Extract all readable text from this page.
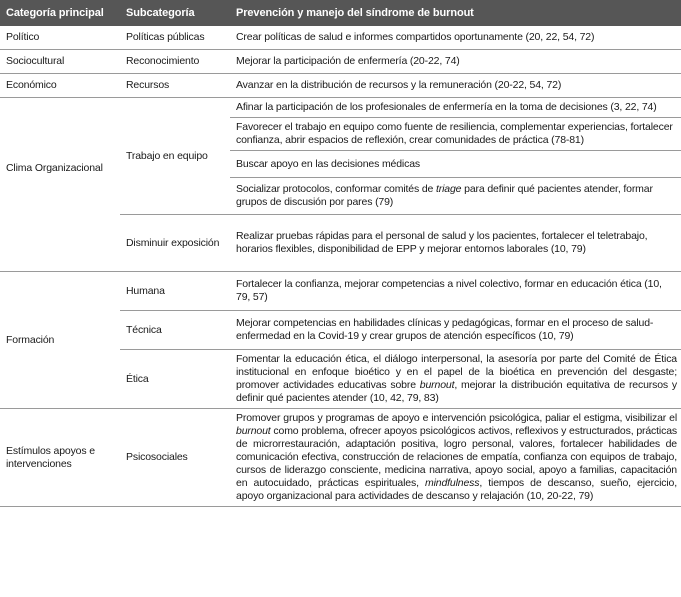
Categoría principal	Subcategoría	Prevención y manejo del síndrome de burnout
Político	Políticas públicas	Crear políticas de salud e informes compartidos oportunamente (20, 22, 54, 72)
Sociocultural	Reconocimiento	Mejorar la participación de enfermería (20-22, 74)
Económico	Recursos	Avanzar en la distribución de recursos y la remuneración (20-22, 54, 72)
Clima Organizacional	Trabajo en equipo	Afinar la participación de los profesionales de enfermería en la toma de decisiones (3, 22, 74)
		Favorecer el trabajo en equipo como fuente de resiliencia, complementar experiencias, fortalecer confianza, abrir espacios de reflexión, crear comunidades de práctica (78-81)
		Buscar apoyo en las decisiones médicas
		Socializar protocolos, conformar comités de triage para definir qué pacientes atender, formar grupos de discusión por pares (79)
	Disminuir exposición	Realizar pruebas rápidas para el personal de salud y los pacientes, fortalecer el teletrabajo, horarios flexibles, disponibilidad de EPP y mejorar entornos laborales (10, 79)
Formación	Humana	Fortalecer la confianza, mejorar competencias a nivel colectivo, formar en educación ética (10, 79, 57)
	Técnica	Mejorar competencias en habilidades clínicas y pedagógicas, formar en el proceso de salud-enfermedad en la Covid-19 y crear grupos de atención específicos (10, 79)
	Ética	Fomentar la educación ética, el diálogo interpersonal, la asesoría por parte del Comité de Ética institucional en enfoque bioético y en el papel de la bioética en prevención del desgaste; promover actividades educativas sobre burnout, mejorar la distribución equitativa de recursos y definir qué pacientes atender (10, 42, 79, 83)
Estímulos apoyos e intervenciones	Psicosociales	Promover grupos y programas de apoyo e intervención psicológica, paliar el estigma, visibilizar el burnout como problema, ofrecer apoyos psicológicos activos, reflexivos y estructurados, prácticas de microrrestauración, adaptación positiva, logro personal, valores, fortalecer habilidades de comunicación efectiva, construcción de relaciones de empatía, confianza con equipos de trabajo, cursos de liderazgo consciente, medicina narrativa, apoyo social, apoyo a familias, capacitación en autocuidado, prácticas espirituales, mindfulness, tiempos de descanso, sueño, ejercicio, apoyo organizacional para actividades de descanso y relajación (10, 20-22, 79)
